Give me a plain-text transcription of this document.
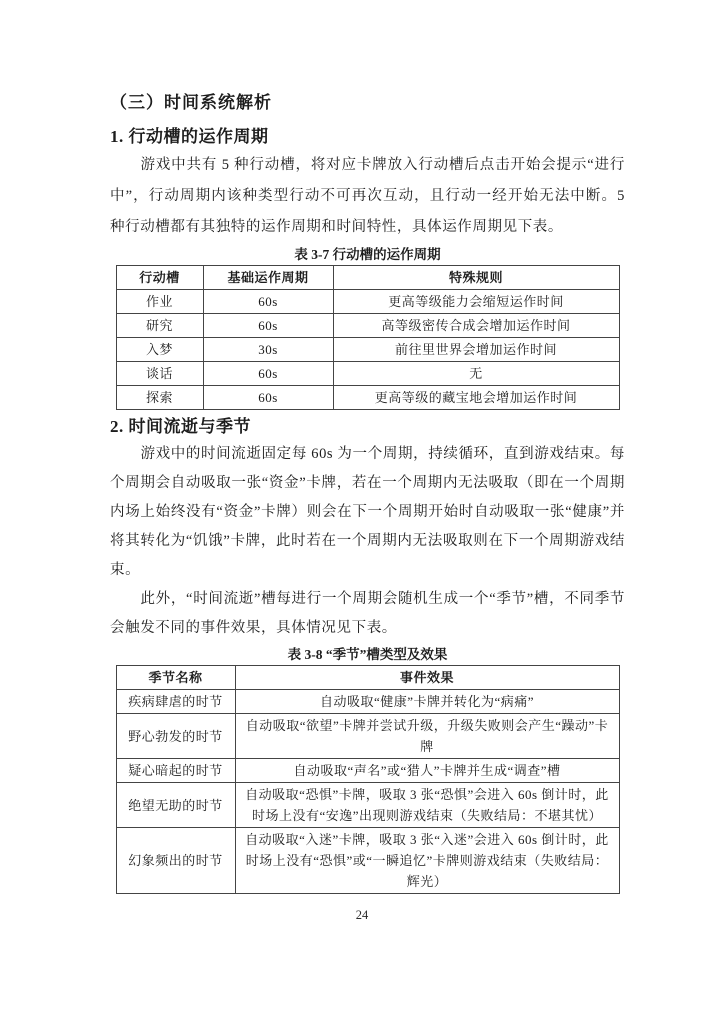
（三）时间系统解析
1. 行动槽的运作周期

游戏中共有 5 种行动槽，将对应卡牌放入行动槽后点击开始会提示“进行中”，行动周期内该种类型行动不可再次互动，且行动一经开始无法中断。5 种行动槽都有其独特的运作周期和时间特性，具体运作周期见下表。

表 3-7 行动槽的运作周期
行动槽	基础运作周期	特殊规则
作业	60s	更高等级能力会缩短运作时间
研究	60s	高等级密传合成会增加运作时间
入梦	30s	前往里世界会增加运作时间
谈话	60s	无
探索	60s	更高等级的藏宝地会增加运作时间
2. 时间流逝与季节

游戏中的时间流逝固定每 60s 为一个周期，持续循环，直到游戏结束。每个周期会自动吸取一张“资金”卡牌，若在一个周期内无法吸取（即在一个周期内场上始终没有“资金”卡牌）则会在下一个周期开始时自动吸取一张“健康”并将其转化为“饥饿”卡牌，此时若在一个周期内无法吸取则在下一个周期游戏结束。

此外，“时间流逝”槽每进行一个周期会随机生成一个“季节”槽，不同季节会触发不同的事件效果，具体情况见下表。

表 3-8 “季节”槽类型及效果
季节名称	事件效果
疾病肆虐的时节	自动吸取“健康”卡牌并转化为“病痛”
野心勃发的时节	自动吸取“欲望”卡牌并尝试升级，升级失败则会产生“躁动”卡牌
疑心暗起的时节	自动吸取“声名”或“猎人”卡牌并生成“调查”槽
绝望无助的时节	自动吸取“恐惧”卡牌，吸取 3 张“恐惧”会进入 60s 倒计时，此时场上没有“安逸”出现则游戏结束（失败结局：不堪其忧）
幻象频出的时节	自动吸取“入迷”卡牌，吸取 3 张“入迷”会进入 60s 倒计时，此时场上没有“恐惧”或“一瞬追忆”卡牌则游戏结束（失败结局：辉光）
24
